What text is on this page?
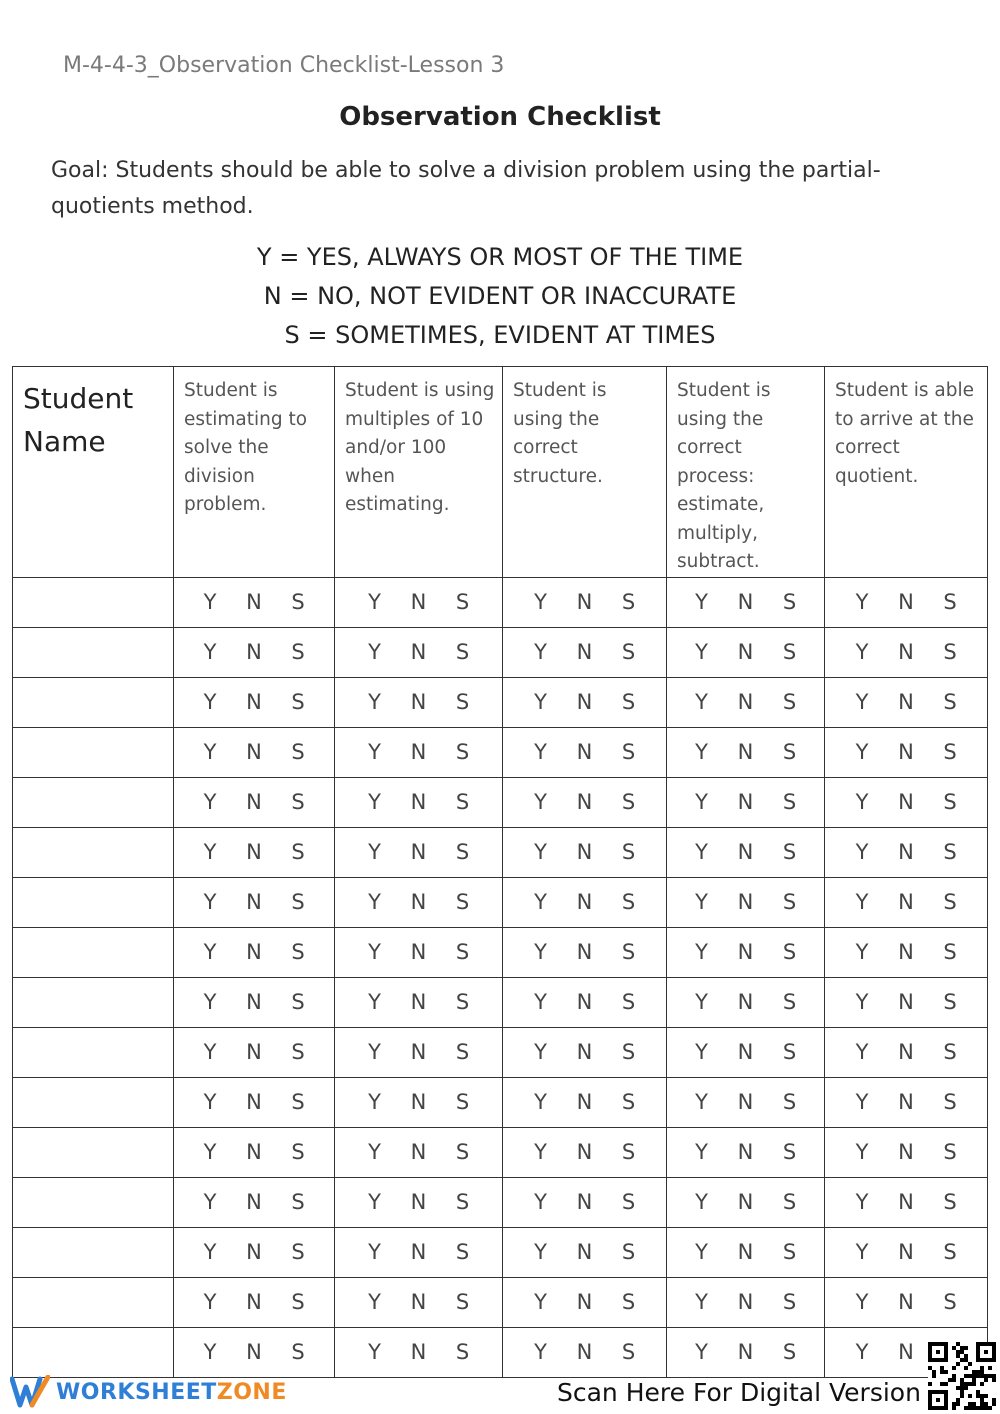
M-4-4-3_Observation Checklist-Lesson 3
Observation Checklist
Goal: Students should be able to solve a division problem using the partial-quotients method.
Y = YES, ALWAYS OR MOST OF THE TIME
N = NO, NOT EVIDENT OR INACCURATE
S = SOMETIMES, EVIDENT AT TIMES
Student
Name	Student is estimating to solve the division problem.	Student is using multiples of 10 and/or 100 when estimating.	Student is using the correct structure.	Student is using the correct process: estimate, multiply, subtract.	Student is able to arrive at the correct quotient.
	Y N S	Y N S	Y N S	Y N S	Y N S
	Y N S	Y N S	Y N S	Y N S	Y N S
	Y N S	Y N S	Y N S	Y N S	Y N S
	Y N S	Y N S	Y N S	Y N S	Y N S
	Y N S	Y N S	Y N S	Y N S	Y N S
	Y N S	Y N S	Y N S	Y N S	Y N S
	Y N S	Y N S	Y N S	Y N S	Y N S
	Y N S	Y N S	Y N S	Y N S	Y N S
	Y N S	Y N S	Y N S	Y N S	Y N S
	Y N S	Y N S	Y N S	Y N S	Y N S
	Y N S	Y N S	Y N S	Y N S	Y N S
	Y N S	Y N S	Y N S	Y N S	Y N S
	Y N S	Y N S	Y N S	Y N S	Y N S
	Y N S	Y N S	Y N S	Y N S	Y N S
	Y N S	Y N S	Y N S	Y N S	Y N S
	Y N S	Y N S	Y N S	Y N S	Y N
WORKSHEETZONE	Scan Here For Digital Version
